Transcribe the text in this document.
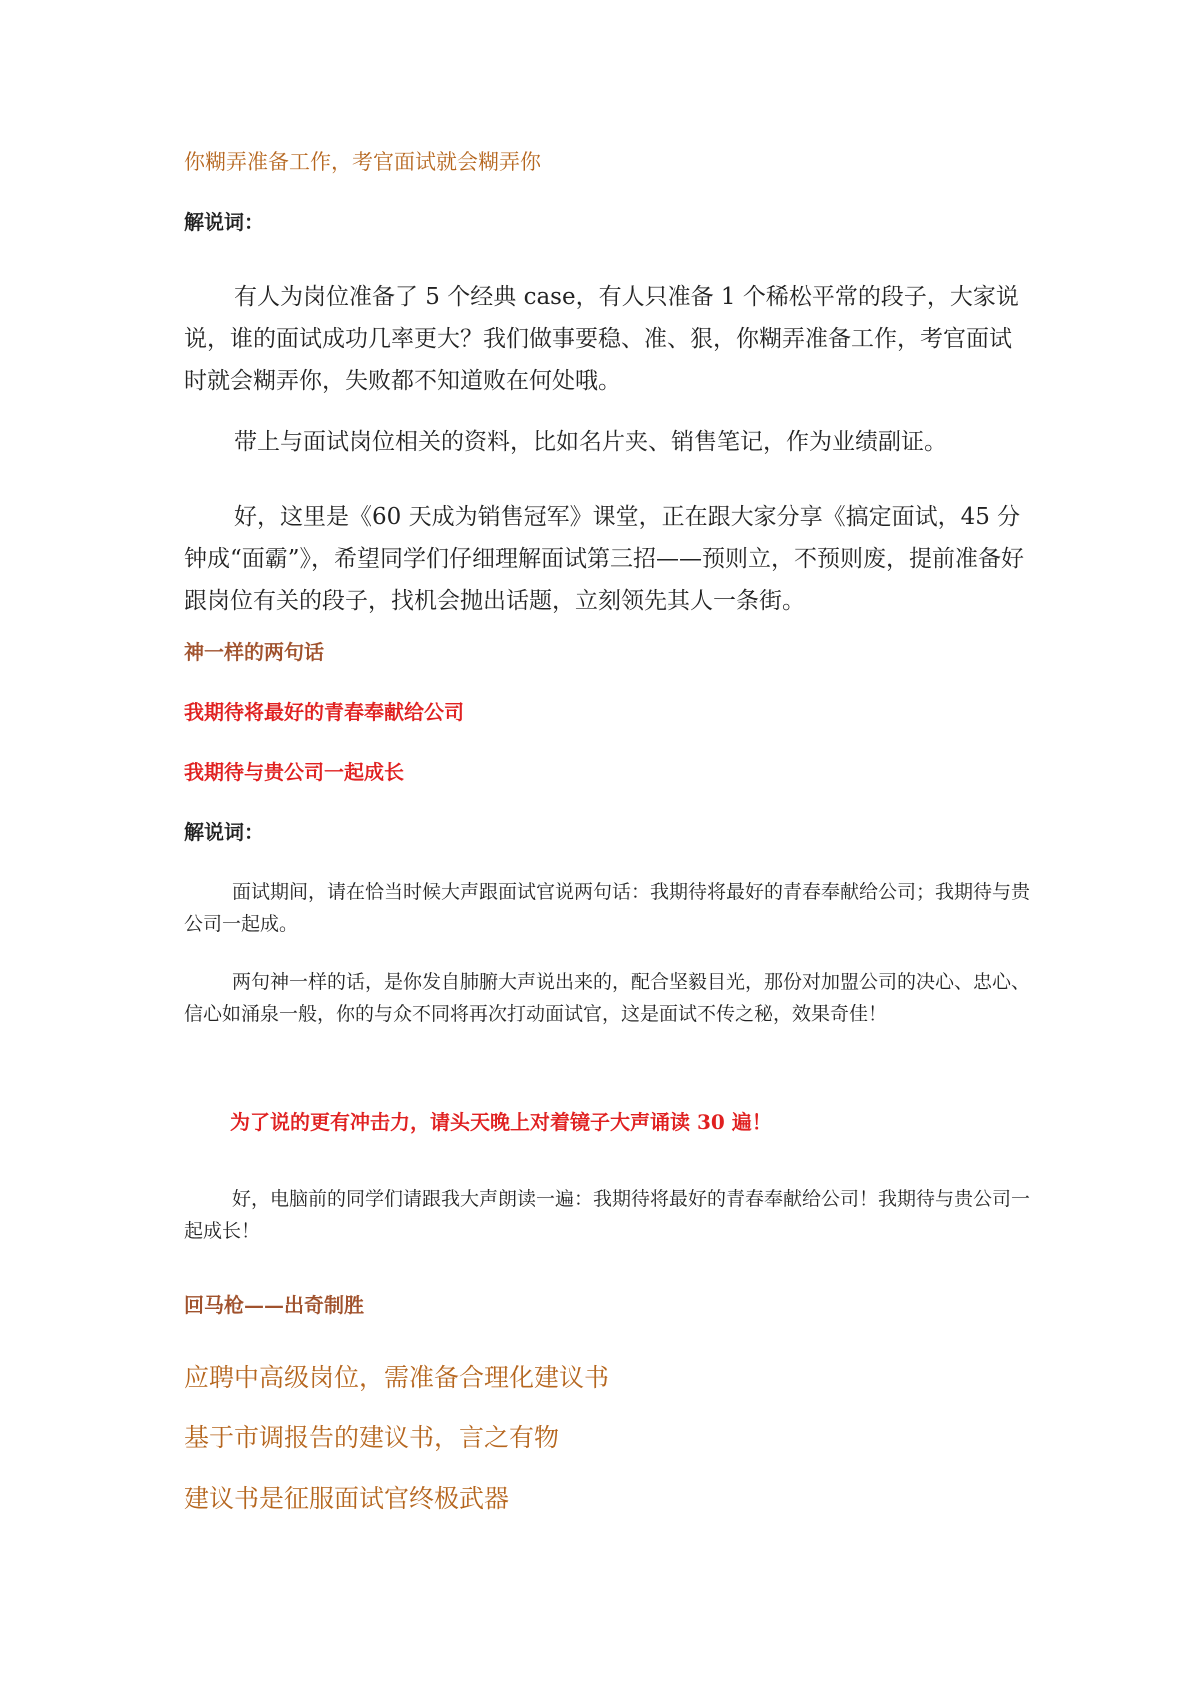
你糊弄准备工作，考官面试就会糊弄你

解说词：

有人为岗位准备了 5 个经典 case，有人只准备 1 个稀松平常的段子，大家说说，谁的面试成功几率更大？我们做事要稳、准、狠，你糊弄准备工作，考官面试时就会糊弄你，失败都不知道败在何处哦。

带上与面试岗位相关的资料，比如名片夹、销售笔记，作为业绩副证。

好，这里是《60 天成为销售冠军》课堂，正在跟大家分享《搞定面试，45 分钟成“面霸”》，希望同学们仔细理解面试第三招——预则立，不预则废，提前准备好跟岗位有关的段子，找机会抛出话题，立刻领先其人一条街。

神一样的两句话

我期待将最好的青春奉献给公司

我期待与贵公司一起成长

解说词：

面试期间，请在恰当时候大声跟面试官说两句话：我期待将最好的青春奉献给公司；我期待与贵公司一起成。

两句神一样的话，是你发自肺腑大声说出来的，配合坚毅目光，那份对加盟公司的决心、忠心、信心如涌泉一般，你的与众不同将再次打动面试官，这是面试不传之秘，效果奇佳！

为了说的更有冲击力，请头天晚上对着镜子大声诵读 30 遍！

好，电脑前的同学们请跟我大声朗读一遍：我期待将最好的青春奉献给公司！我期待与贵公司一起成长！

回马枪——出奇制胜

应聘中高级岗位，需准备合理化建议书

基于市调报告的建议书，言之有物

建议书是征服面试官终极武器
